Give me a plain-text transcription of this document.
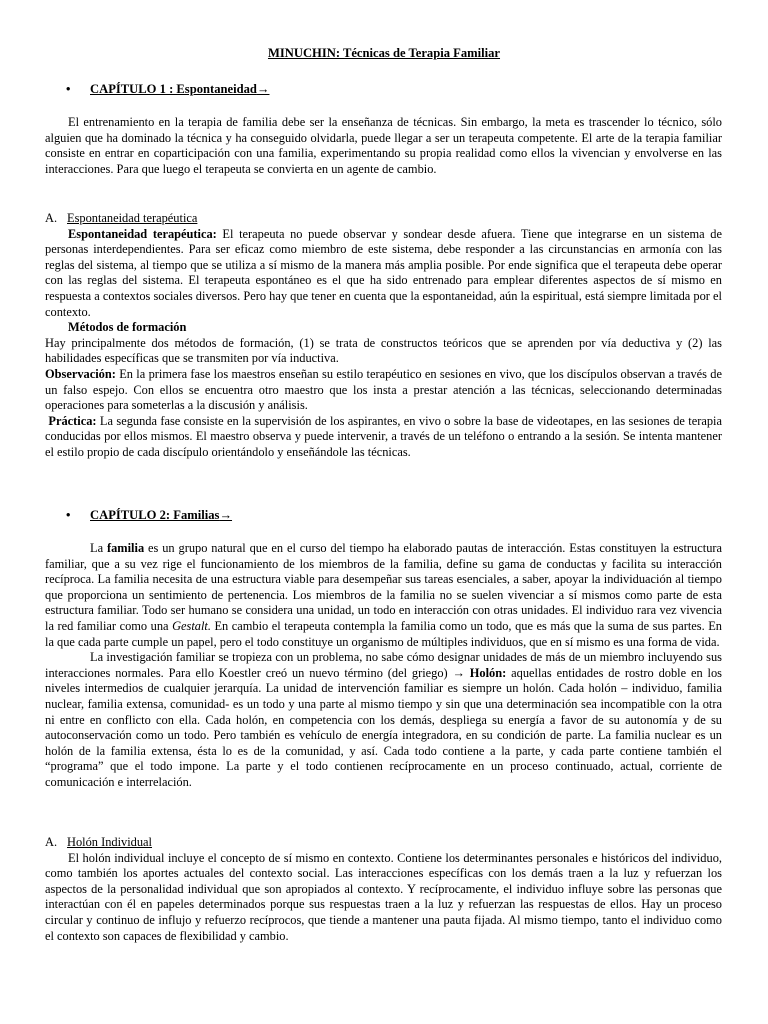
MINUCHIN: Técnicas de Terapia Familiar
• CAPÍTULO 1 : Espontaneidad→

El entrenamiento en la terapia de familia debe ser la enseñanza de técnicas. Sin embargo, la meta es trascender lo técnico, sólo alguien que ha dominado la técnica y ha conseguido olvidarla, puede llegar a ser un terapeuta competente. El arte de la terapia familiar consiste en entrar en coparticipación con una familia, experimentando su propia realidad como ellos la vivencian y envolverse en las interacciones. Para que luego el terapeuta se convierta en un agente de cambio.

A. Espontaneidad terapéutica

Espontaneidad terapéutica: El terapeuta no puede observar y sondear desde afuera. Tiene que integrarse en un sistema de personas interdependientes. Para ser eficaz como miembro de este sistema, debe responder a las circunstancias en armonía con las reglas del sistema, al tiempo que se utiliza a sí mismo de la manera más amplia posible. Por ende significa que el terapeuta debe operar con las reglas del sistema. El terapeuta espontáneo es el que ha sido entrenado para emplear diferentes aspectos de sí mismo en respuesta a contextos sociales diversos. Pero hay que tener en cuenta que la espontaneidad, aún la espiritual, está siempre limitada por el contexto.

Métodos de formación

Hay principalmente dos métodos de formación, (1) se trata de constructos teóricos que se aprenden por vía deductiva y (2) las habilidades específicas que se transmiten por vía inductiva.

Observación: En la primera fase los maestros enseñan su estilo terapéutico en sesiones en vivo, que los discípulos observan a través de un falso espejo. Con ellos se encuentra otro maestro que los insta a prestar atención a las técnicas, seleccionando determinadas operaciones para someterlas a la discusión y análisis.

Práctica: La segunda fase consiste en la supervisión de los aspirantes, en vivo o sobre la base de videotapes, en las sesiones de terapia conducidas por ellos mismos. El maestro observa y puede intervenir, a través de un teléfono o entrando a la sesión. Se intenta mantener el estilo propio de cada discípulo orientándolo y enseñándole las técnicas.

• CAPÍTULO 2: Familias→

La familia es un grupo natural que en el curso del tiempo ha elaborado pautas de interacción. Estas constituyen la estructura familiar, que a su vez rige el funcionamiento de los miembros de la familia, define su gama de conductas y facilita su interacción recíproca. La familia necesita de una estructura viable para desempeñar sus tareas esenciales, a saber, apoyar la individuación al tiempo que proporciona un sentimiento de pertenencia. Los miembros de la familia no se suelen vivenciar a sí mismos como parte de esta estructura familiar. Todo ser humano se considera una unidad, un todo en interacción con otras unidades. El individuo rara vez vivencia la red familiar como una Gestalt. En cambio el terapeuta contempla la familia como un todo, que es más que la suma de sus partes. En la que cada parte cumple un papel, pero el todo constituye un organismo de múltiples individuos, que en sí mismo es una forma de vida.

La investigación familiar se tropieza con un problema, no sabe cómo designar unidades de más de un miembro incluyendo sus interacciones normales. Para ello Koestler creó un nuevo término (del griego) → Holón: aquellas entidades de rostro doble en los niveles intermedios de cualquier jerarquía. La unidad de intervención familiar es siempre un holón. Cada holón – individuo, familia nuclear, familia extensa, comunidad- es un todo y una parte al mismo tiempo y sin que una determinación sea incompatible con la otra ni entre en conflicto con ella. Cada holón, en competencia con los demás, despliega su energía a favor de su autonomía y de su autoconservación como un todo. Pero también es vehículo de energía integradora, en su condición de parte. La familia nuclear es un holón de la familia extensa, ésta lo es de la comunidad, y así. Cada todo contiene a la parte, y cada parte contiene también el “programa” que el todo impone. La parte y el todo contienen recíprocamente en un proceso continuado, actual, corriente de comunicación e interrelación.

A. Holón Individual

El holón individual incluye el concepto de sí mismo en contexto. Contiene los determinantes personales e históricos del individuo, como también los aportes actuales del contexto social. Las interacciones específicas con los demás traen a la luz y refuerzan los aspectos de la personalidad individual que son apropiados al contexto. Y recíprocamente, el individuo influye sobre las personas que interactúan con él en papeles determinados porque sus respuestas traen a la luz y refuerzan las respuestas de ellos. Hay un proceso circular y continuo de influjo y refuerzo recíprocos, que tiende a mantener una pauta fijada. Al mismo tiempo, tanto el individuo como el contexto son capaces de flexibilidad y cambio.
